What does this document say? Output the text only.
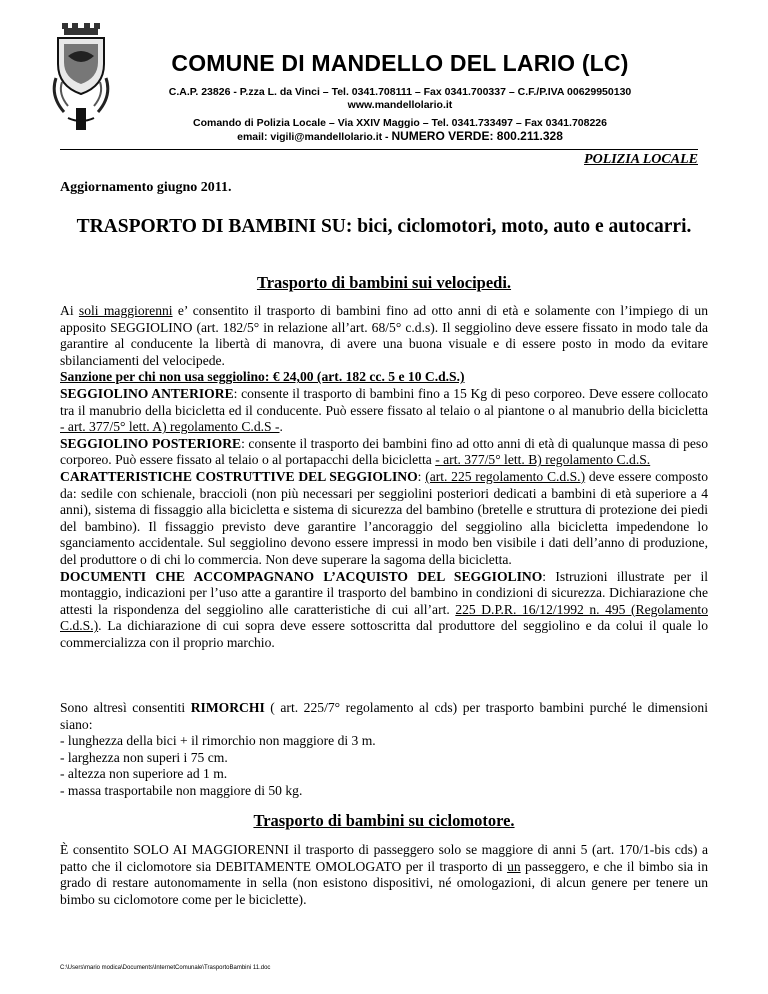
COMUNE DI MANDELLO DEL LARIO (LC)
C.A.P. 23826 - P.zza L. da Vinci – Tel. 0341.708111 – Fax 0341.700337 – C.F./P.IVA 00629950130
www.mandellolario.it
Comando di Polizia Locale – Via XXIV Maggio – Tel. 0341.733497 – Fax 0341.708226
email: vigili@mandellolario.it - NUMERO VERDE: 800.211.328
POLIZIA LOCALE
Aggiornamento giugno 2011.
TRASPORTO DI BAMBINI SU: bici, ciclomotori, moto, auto e autocarri.
Trasporto di bambini sui velocipedi.

Ai soli maggiorenni e’ consentito il trasporto di bambini fino ad otto anni di età e solamente con l’impiego di un apposito SEGGIOLINO (art. 182/5° in relazione all’art. 68/5° c.d.s). Il seggiolino deve essere fissato in modo tale da garantire al conducente la libertà di manovra, di avere una buona visuale e di essere posto in modo da evitare sbilanciamenti del velocipede.

Sanzione per chi non usa seggiolino: € 24,00 (art. 182 cc. 5 e 10 C.d.S.)

SEGGIOLINO ANTERIORE: consente il trasporto di bambini fino a 15 Kg di peso corporeo. Deve essere collocato tra il manubrio della bicicletta ed il conducente. Può essere fissato al telaio o al piantone o al manubrio della bicicletta - art. 377/5° lett. A) regolamento C.d.S -.

SEGGIOLINO POSTERIORE: consente il trasporto dei bambini fino ad otto anni di età di qualunque massa di peso corporeo. Può essere fissato al telaio o al portapacchi della bicicletta - art. 377/5° lett. B) regolamento C.d.S.

CARATTERISTICHE COSTRUTTIVE DEL SEGGIOLINO: (art. 225 regolamento C.d.S.) deve essere composto da: sedile con schienale, braccioli (non più necessari per seggiolini posteriori dedicati a bambini di età superiore a 4 anni), sistema di fissaggio alla bicicletta e sistema di sicurezza del bambino (bretelle e struttura di protezione dei piedi del bambino). Il fissaggio previsto deve garantire l’ancoraggio del seggiolino alla bicicletta impedendone lo sganciamento accidentale. Sul seggiolino devono essere impressi in modo ben visibile i dati dell’anno di produzione, del produttore o di chi lo commercia. Non deve superare la sagoma della bicicletta.

DOCUMENTI CHE ACCOMPAGNANO L’ACQUISTO DEL SEGGIOLINO: Istruzioni illustrate per il montaggio, indicazioni per l’uso atte a garantire il trasporto del bambino in condizioni di sicurezza. Dichiarazione che attesti la rispondenza del seggiolino alle caratteristiche di cui all’art. 225 D.P.R. 16/12/1992 n. 495 (Regolamento C.d.S.). La dichiarazione di cui sopra deve essere sottoscritta dal produttore del seggiolino e da colui il quale lo commercializza con il proprio marchio.

Sono altresì consentiti RIMORCHI ( art. 225/7° regolamento al cds) per trasporto bambini purché le dimensioni siano:

- lunghezza della bici + il rimorchio non maggiore di 3 m.

- larghezza non superi i 75 cm.

- altezza non superiore ad 1 m.

- massa trasportabile non maggiore di 50 kg.

Trasporto di bambini su ciclomotore.

È consentito SOLO AI MAGGIORENNI il trasporto di passeggero solo se maggiore di anni 5 (art. 170/1-bis cds) a patto che il ciclomotore sia DEBITAMENTE OMOLOGATO per il trasporto di un passeggero, e che il bimbo sia in grado di restare autonomamente in sella (non esistono dispositivi, né omologazioni, di alcun genere per tenere un bimbo su ciclomotore come per le biciclette).

C:\Users\mario modica\Documents\InternetComunale\TrasportoBambini 11.doc
